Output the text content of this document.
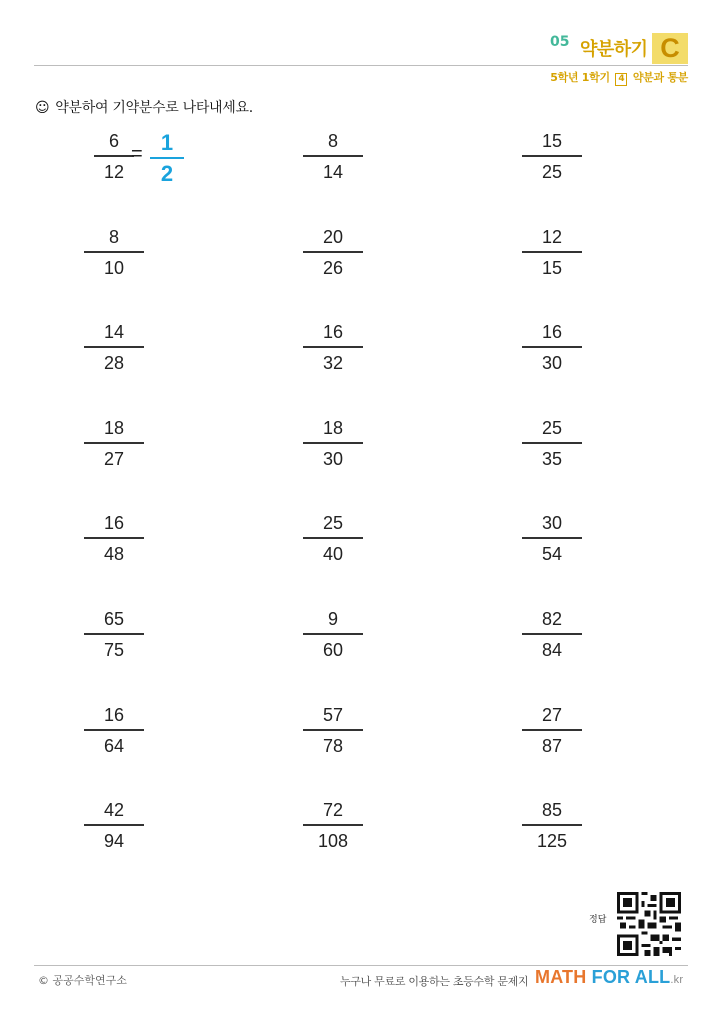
05 약분하기 C
5학년 1학기 4 약분과 통분
☺ 약분하여 기약분수로 나타내세요.
6
12
8
14
15
25
8
10
20
26
12
15
14
28
16
32
16
30
18
27
18
30
25
35
16
48
25
40
30
54
65
75
9
60
82
84
16
64
57
78
27
87
42
94
72
108
85
125
= 1
2
정답
© 공공수학연구소	누구나 무료로 이용하는 초등수학 문제지 MATH FOR ALL.kr
